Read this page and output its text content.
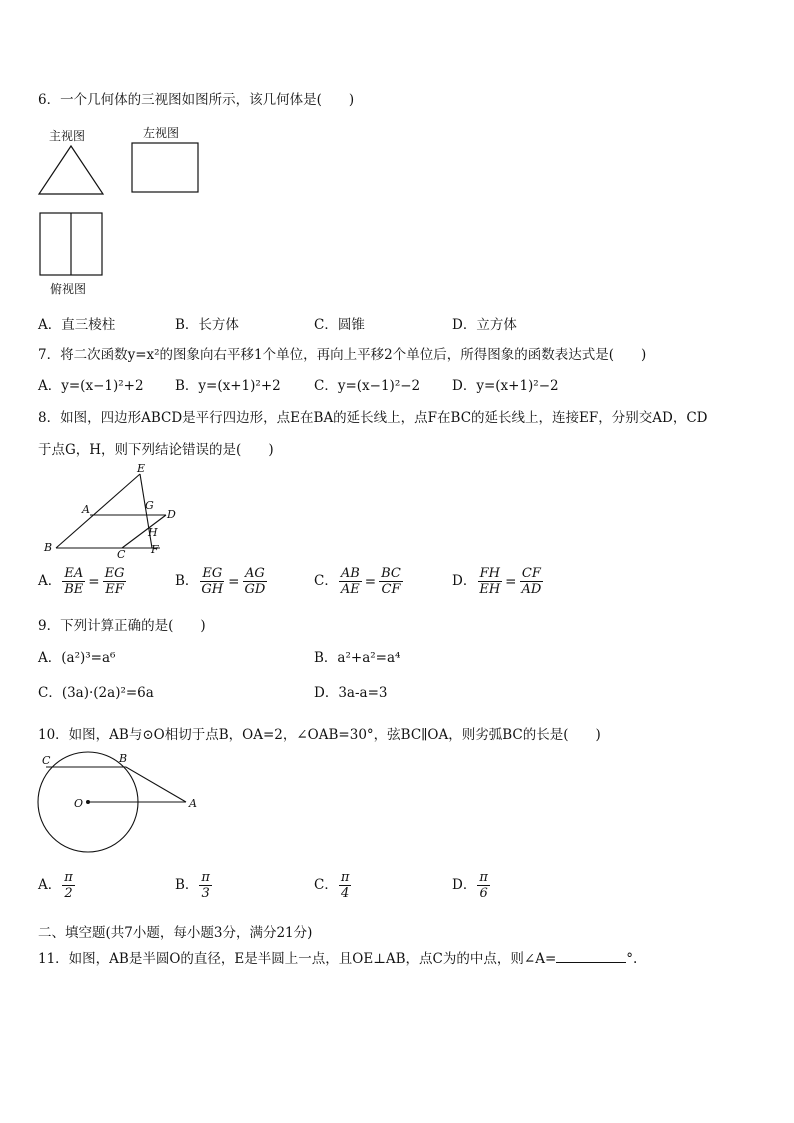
6．一个几何体的三视图如图所示，该几何体是(　　)
主视图	左视图
俯视图
A．直三棱柱	B．长方体	C．圆锥	D．立方体
7．将二次函数y=x²的图象向右平移1个单位，再向上平移2个单位后，所得图象的函数表达式是(　　)
A．y=(x−1)²+2 B．y=(x+1)²+2 C．y=(x−1)²−2 D．y=(x+1)²−2
8．如图，四边形ABCD是平行四边形，点E在BA的延长线上，点F在BC的延长线上，连接EF，分别交AD，CD
于点G，H，则下列结论错误的是(　　)
E
A	G
D
H
B
C F
A． $\frac{EA}{BE} = \frac{EG}{EF}$	B． $\frac{EG}{GH} = \frac{AG}{GD}$	C． $\frac{AB}{AE} = \frac{BC}{CF}$	D． $\frac{FH}{EH} = \frac{CF}{AD}$
9．下列计算正确的是(　　)
A．(a²)³=a⁶	B．a²+a²=a⁴
C．(3a)·(2a)²=6a	D．3a-a=3
10．如图，AB与⊙O相切于点B，OA=2，∠OAB=30°，弦BC∥OA，则劣弧BC的长是(　　)
C	B
O	A
A． $\frac{\pi}{2}$	B． $\frac{\pi}{3}$	C． $\frac{\pi}{4}$	D． $\frac{\pi}{6}$
二、填空题(共7小题，每小题3分，满分21分)
11．如图，AB是半圆O的直径，E是半圆上一点，且OE⊥AB，点C为的中点，则∠A=	°.
